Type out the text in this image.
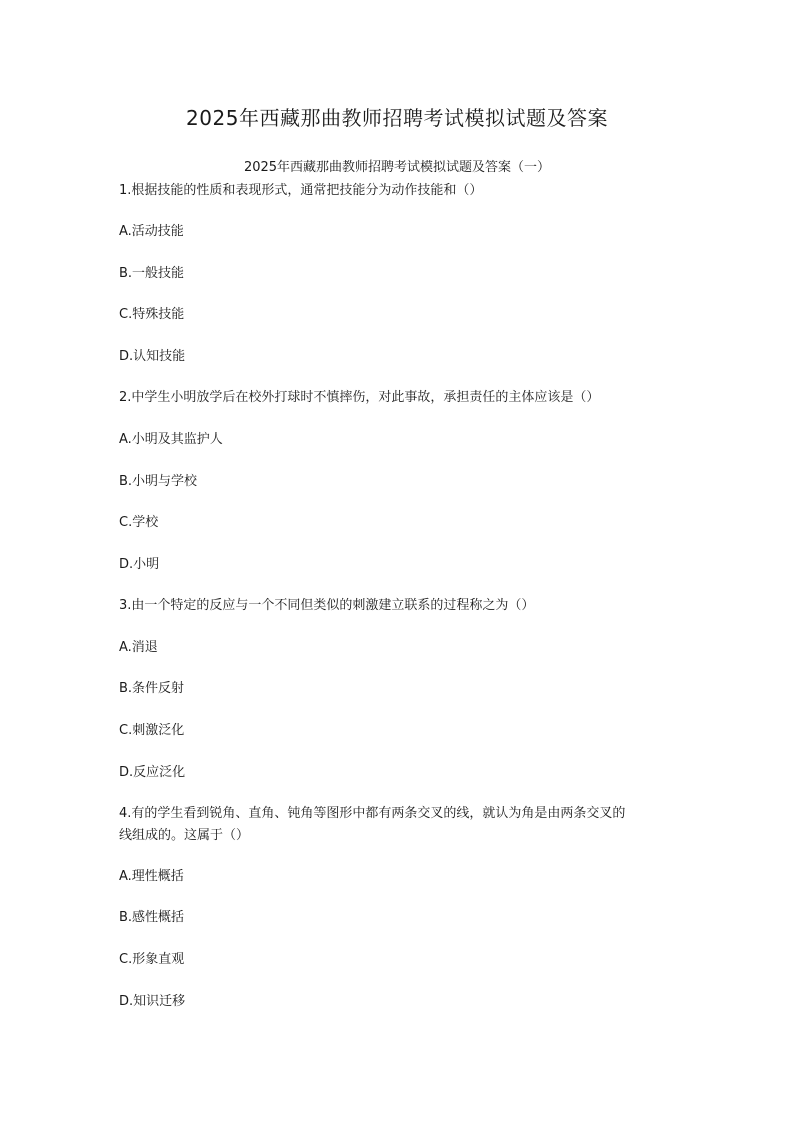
2025年西藏那曲教师招聘考试模拟试题及答案
2025年西藏那曲教师招聘考试模拟试题及答案（一）
1.根据技能的性质和表现形式，通常把技能分为动作技能和（）
A.活动技能
B.一般技能
C.特殊技能
D.认知技能
2.中学生小明放学后在校外打球时不慎摔伤，对此事故，承担责任的主体应该是（）
A.小明及其监护人
B.小明与学校
C.学校
D.小明
3.由一个特定的反应与一个不同但类似的刺激建立联系的过程称之为（）
A.消退
B.条件反射
C.刺激泛化
D.反应泛化
4.有的学生看到锐角、直角、钝角等图形中都有两条交叉的线，就认为角是由两条交叉的
线组成的。这属于（）
A.理性概括
B.感性概括
C.形象直观
D.知识迁移
